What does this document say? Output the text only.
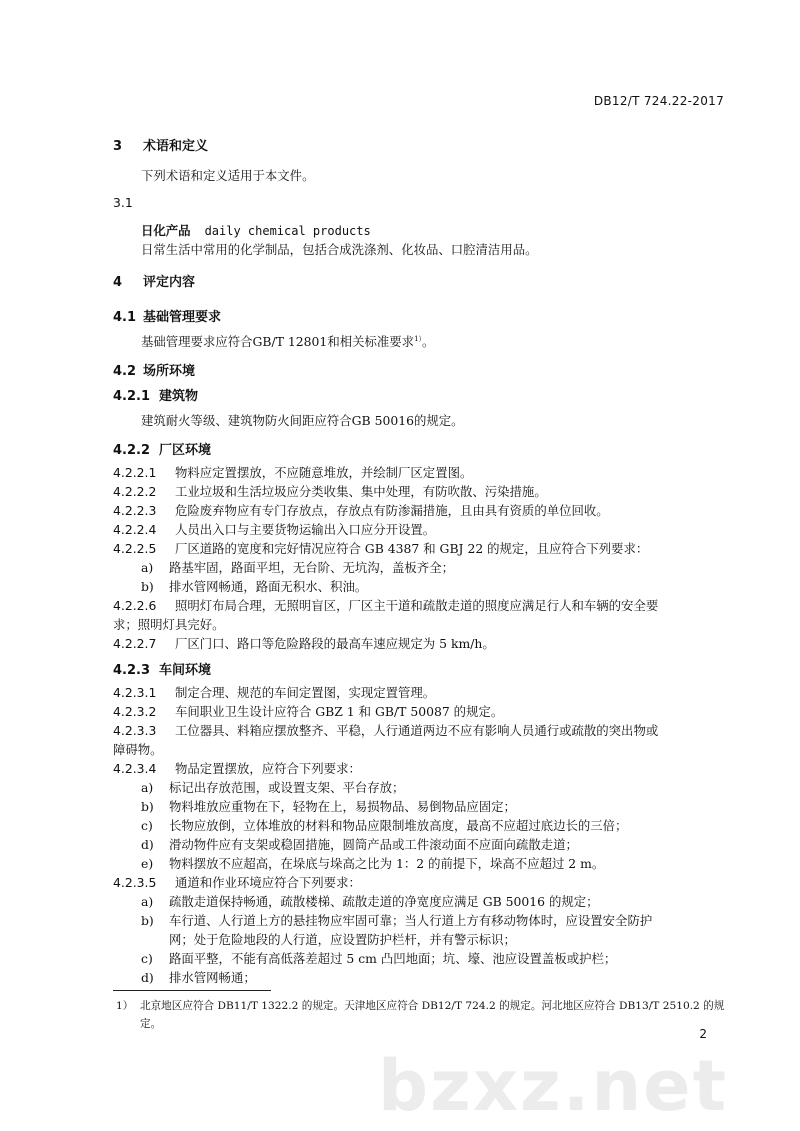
DB12/T 724.22-2017
3 术语和定义
下列术语和定义适用于本文件。
3.1
日化产品 daily chemical products
日常生活中常用的化学制品，包括合成洗涤剂、化妆品、口腔清洁用品。
4 评定内容
4.1 基础管理要求
基础管理要求应符合GB/T 12801和相关标准要求$^{1)}$。
4.2 场所环境
4.2.1 建筑物
建筑耐火等级、建筑物防火间距应符合GB 50016的规定。
4.2.2 厂区环境
4.2.2.1 物料应定置摆放，不应随意堆放，并绘制厂区定置图。
4.2.2.2 工业垃圾和生活垃圾应分类收集、集中处理，有防吹散、污染措施。
4.2.2.3 危险废弃物应有专门存放点，存放点有防渗漏措施，且由具有资质的单位回收。
4.2.2.4 人员出入口与主要货物运输出入口应分开设置。
4.2.2.5 厂区道路的宽度和完好情况应符合 GB 4387 和 GBJ 22 的规定，且应符合下列要求：
a) 路基牢固，路面平坦，无台阶、无坑沟，盖板齐全；
b) 排水管网畅通，路面无积水、积油。
4.2.2.6 照明灯布局合理，无照明盲区，厂区主干道和疏散走道的照度应满足行人和车辆的安全要
求；照明灯具完好。
4.2.2.7 厂区门口、路口等危险路段的最高车速应规定为 5 km/h。
4.2.3 车间环境
4.2.3.1 制定合理、规范的车间定置图，实现定置管理。
4.2.3.2 车间职业卫生设计应符合 GBZ 1 和 GB/T 50087 的规定。
4.2.3.3 工位器具、料箱应摆放整齐、平稳，人行通道两边不应有影响人员通行或疏散的突出物或
障碍物。
4.2.3.4 物品定置摆放，应符合下列要求：
a) 标记出存放范围，或设置支架、平台存放；
b) 物料堆放应重物在下，轻物在上，易损物品、易倒物品应固定；
c) 长物应放倒，立体堆放的材料和物品应限制堆放高度，最高不应超过底边长的三倍；
d) 滑动物件应有支架或稳固措施，圆筒产品或工件滚动面不应面向疏散走道；
e) 物料摆放不应超高，在垛底与垛高之比为 1：2 的前提下，垛高不应超过 2 m。
4.2.3.5 通道和作业环境应符合下列要求：
a) 疏散走道保持畅通，疏散楼梯、疏散走道的净宽度应满足 GB 50016 的规定；
b) 车行道、人行道上方的悬挂物应牢固可靠；当人行道上方有移动物体时，应设置安全防护
网；处于危险地段的人行道，应设置防护栏杆，并有警示标识；
c) 路面平整，不能有高低落差超过 5 cm 凸凹地面；坑、壕、池应设置盖板或护栏；
d) 排水管网畅通；
1） 北京地区应符合 DB11/T 1322.2 的规定。天津地区应符合 DB12/T 724.2 的规定。河北地区应符合 DB13/T 2510.2 的规定。
2
bzxz.net
